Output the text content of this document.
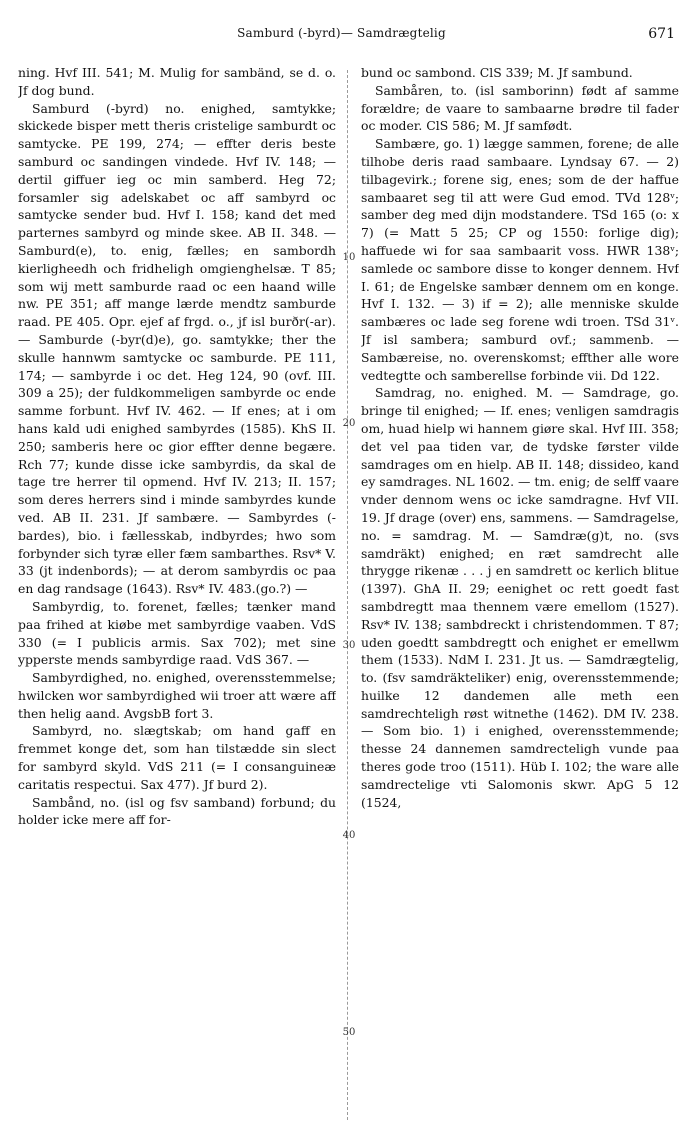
Samburd (-byrd)— Samdrægtelig	671

ning. Hvf III. 541; M. Mulig for sambänd, se d. o. Jf dog bund.

Samburd (-byrd) no. enighed, samtykke; skickede bisper mett theris cristelige samburdt oc samtycke. PE 199, 274; — effter deris beste samburd oc sandingen vindede. Hvf IV. 148; — dertil giffuer ieg oc min samberd. Heg 72; forsamler sig adelskabet oc aff sambyrd oc samtycke sender bud. Hvf I. 158; kand det med parternes sambyrd og minde skee. AB II. 348. — Samburd(e), to. enig, fælles; en sambordh kierligheedh och fridheligh omgienghelsæ. T 85; som wij mett samburde raad oc een haand wille nw. PE 351; aff mange lærde mendtz samburde raad. PE 405. Opr. ejef af frgd. o., jf isl burðr(-ar). — Samburde (-byr(d)e), go. samtykke; ther the skulle hannwm samtycke oc samburde. PE 111, 174; — sambyrde i oc det. Heg 124, 90 (ovf. III. 309 a 25); der fuldkommeligen sambyrde oc ende samme forbunt. Hvf IV. 462. — If enes; at i om hans kald udi enighed sambyrdes (1585). KhS II. 250; samberis here oc gior effter denne begære. Rch 77; kunde disse icke sambyrdis, da skal de tage tre herrer til opmend. Hvf IV. 213; II. 157; som deres herrers sind i minde sambyrdes kunde ved. AB II. 231. Jf sambære. — Sambyrdes (-bardes), bio. i fællesskab, indbyrdes; hwo som forbynder sich tyræ eller fæm sambarthes. Rsv* V. 33 (jt indenbords); — at derom sambyrdis oc paa en dag randsage (1643). Rsv* IV. 483.(go.?) —

Sambyrdig, to. forenet, fælles; tænker mand paa frihed at kiøbe met sambyrdige vaaben. VdS 330 (= I publicis armis. Sax 702); met sine ypperste mends sambyrdige raad. VdS 367. —

Sambyrdighed, no. enighed, overensstemmelse; hwilcken wor sambyrdighed wii troer att wære aff then helig aand. AvgsbB fort 3.

Sambyrd, no. slægtskab; om hand gaff en fremmet konge det, som han tilstædde sin slect for sambyrd skyld. VdS 211 (= I consanguineæ caritatis respectui. Sax 477). Jf burd 2).

Sambånd, no. (isl og fsv samband) forbund; du holder icke mere aff for-

10
20
30
40
50

bund oc sambond. ClS 339; M. Jf sambund.

Sambåren, to. (isl samborinn) født af samme forældre; de vaare to sambaarne brødre til fader oc moder. ClS 586; M. Jf samfødt.

Sambære, go. 1) lægge sammen, forene; de alle tilhobe deris raad sambaare. Lyndsay 67. — 2) tilbagevirk.; forene sig, enes; som de der haffue sambaaret seg til att were Gud emod. TVd 128ᵛ; samber deg med dijn modstandere. TSd 165 (o: x 7) (= Matt 5 25; CP og 1550: forlige dig); haffuede wi for saa sambaarit voss. HWR 138ᵛ; samlede oc sambore disse to konger dennem. Hvf I. 61; de Engelske sambær dennem om en konge. Hvf I. 132. — 3) if = 2); alle menniske skulde sambæres oc lade seg forene wdi troen. TSd 31ᵛ. Jf isl sambera; samburd ovf.; sammenb. — Sambæreise, no. overenskomst; effther alle wore vedtegtte och samberellse forbinde vii. Dd 122.

Samdrag, no. enighed. M. — Samdrage, go. bringe til enighed; — If. enes; venligen samdragis om, huad hielp wi hannem giøre skal. Hvf III. 358; det vel paa tiden var, de tydske førster vilde samdrages om en hielp. AB II. 148; dissideo, kand ey samdrages. NL 1602. — tm. enig; de selff vaare vnder dennom wens oc icke samdragne. Hvf VII. 19. Jf drage (over) ens, sammens. — Samdragelse, no. = samdrag. M. — Samdræ(g)t, no. (svs samdräkt) enighed; en ræt samdrecht alle thrygge rikenæ . . . j en samdrett oc kerlich blitue (1397). GhA II. 29; eenighet oc rett goedt fast sambdregtt maa thennem være emellom (1527). Rsv* IV. 138; sambdreckt i christendommen. T 87; uden goedtt sambdregtt och enighet er emellwm them (1533). NdM I. 231. Jt us. — Samdrægtelig, to. (fsv samdräkteliker) enig, overensstemmende; huilke 12 dandemen alle meth een samdrechteligh røst witnethe (1462). DM IV. 238. — Som bio. 1) i enighed, overensstemmende; thesse 24 dannemen samdrecteligh vunde paa theres gode troo (1511). Hüb I. 102; the ware alle samdrectelige vti Salomonis skwr. ApG 5 12 (1524,
